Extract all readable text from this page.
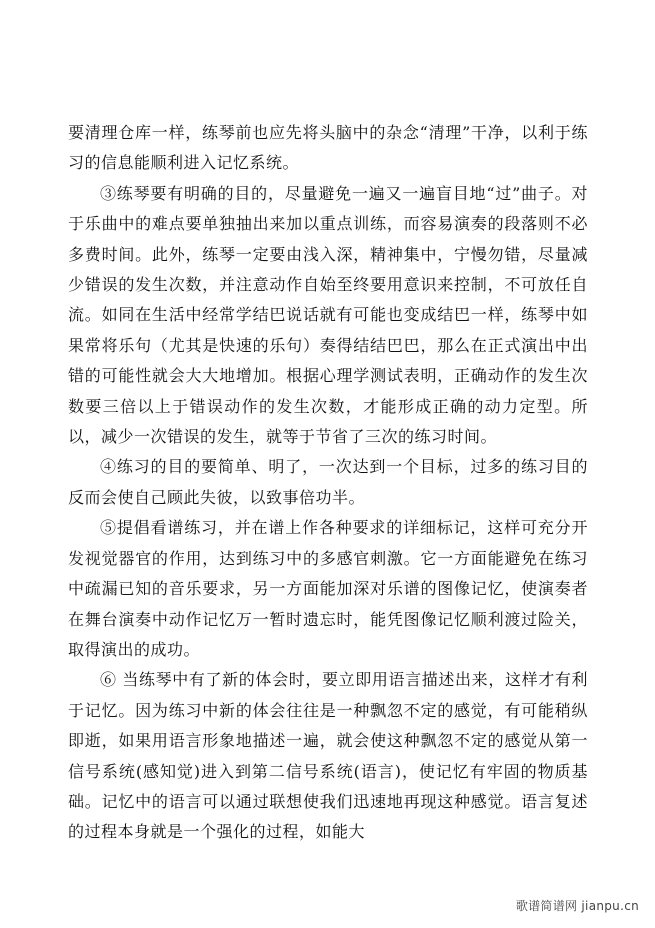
要清理仓库一样，练琴前也应先将头脑中的杂念“清理”干净，以利于练习的信息能顺利进入记忆系统。

③练琴要有明确的目的，尽量避免一遍又一遍盲目地“过”曲子。对于乐曲中的难点要单独抽出来加以重点训练，而容易演奏的段落则不必多费时间。此外，练琴一定要由浅入深，精神集中，宁慢勿错，尽量减少错误的发生次数，并注意动作自始至终要用意识来控制，不可放任自流。如同在生活中经常学结巴说话就有可能也变成结巴一样，练琴中如果常将乐句（尤其是快速的乐句）奏得结结巴巴，那么在正式演出中出错的可能性就会大大地增加。根据心理学测试表明，正确动作的发生次数要三倍以上于错误动作的发生次数，才能形成正确的动力定型。所以，减少一次错误的发生，就等于节省了三次的练习时间。

④练习的目的要简单、明了，一次达到一个目标，过多的练习目的反而会使自己顾此失彼，以致事倍功半。

⑤提倡看谱练习，并在谱上作各种要求的详细标记，这样可充分开发视觉器官的作用，达到练习中的多感官刺激。它一方面能避免在练习中疏漏已知的音乐要求，另一方面能加深对乐谱的图像记忆，使演奏者在舞台演奏中动作记忆万一暂时遗忘时，能凭图像记忆顺利渡过险关，取得演出的成功。

⑥ 当练琴中有了新的体会时，要立即用语言描述出来，这样才有利于记忆。因为练习中新的体会往往是一种飘忽不定的感觉，有可能稍纵即逝，如果用语言形象地描述一遍，就会使这种飘忽不定的感觉从第一信号系统(感知觉)进入到第二信号系统(语言)，使记忆有牢固的物质基础。记忆中的语言可以通过联想使我们迅速地再现这种感觉。语言复述的过程本身就是一个强化的过程，如能大

歌谱简谱网 jianpu.cn
